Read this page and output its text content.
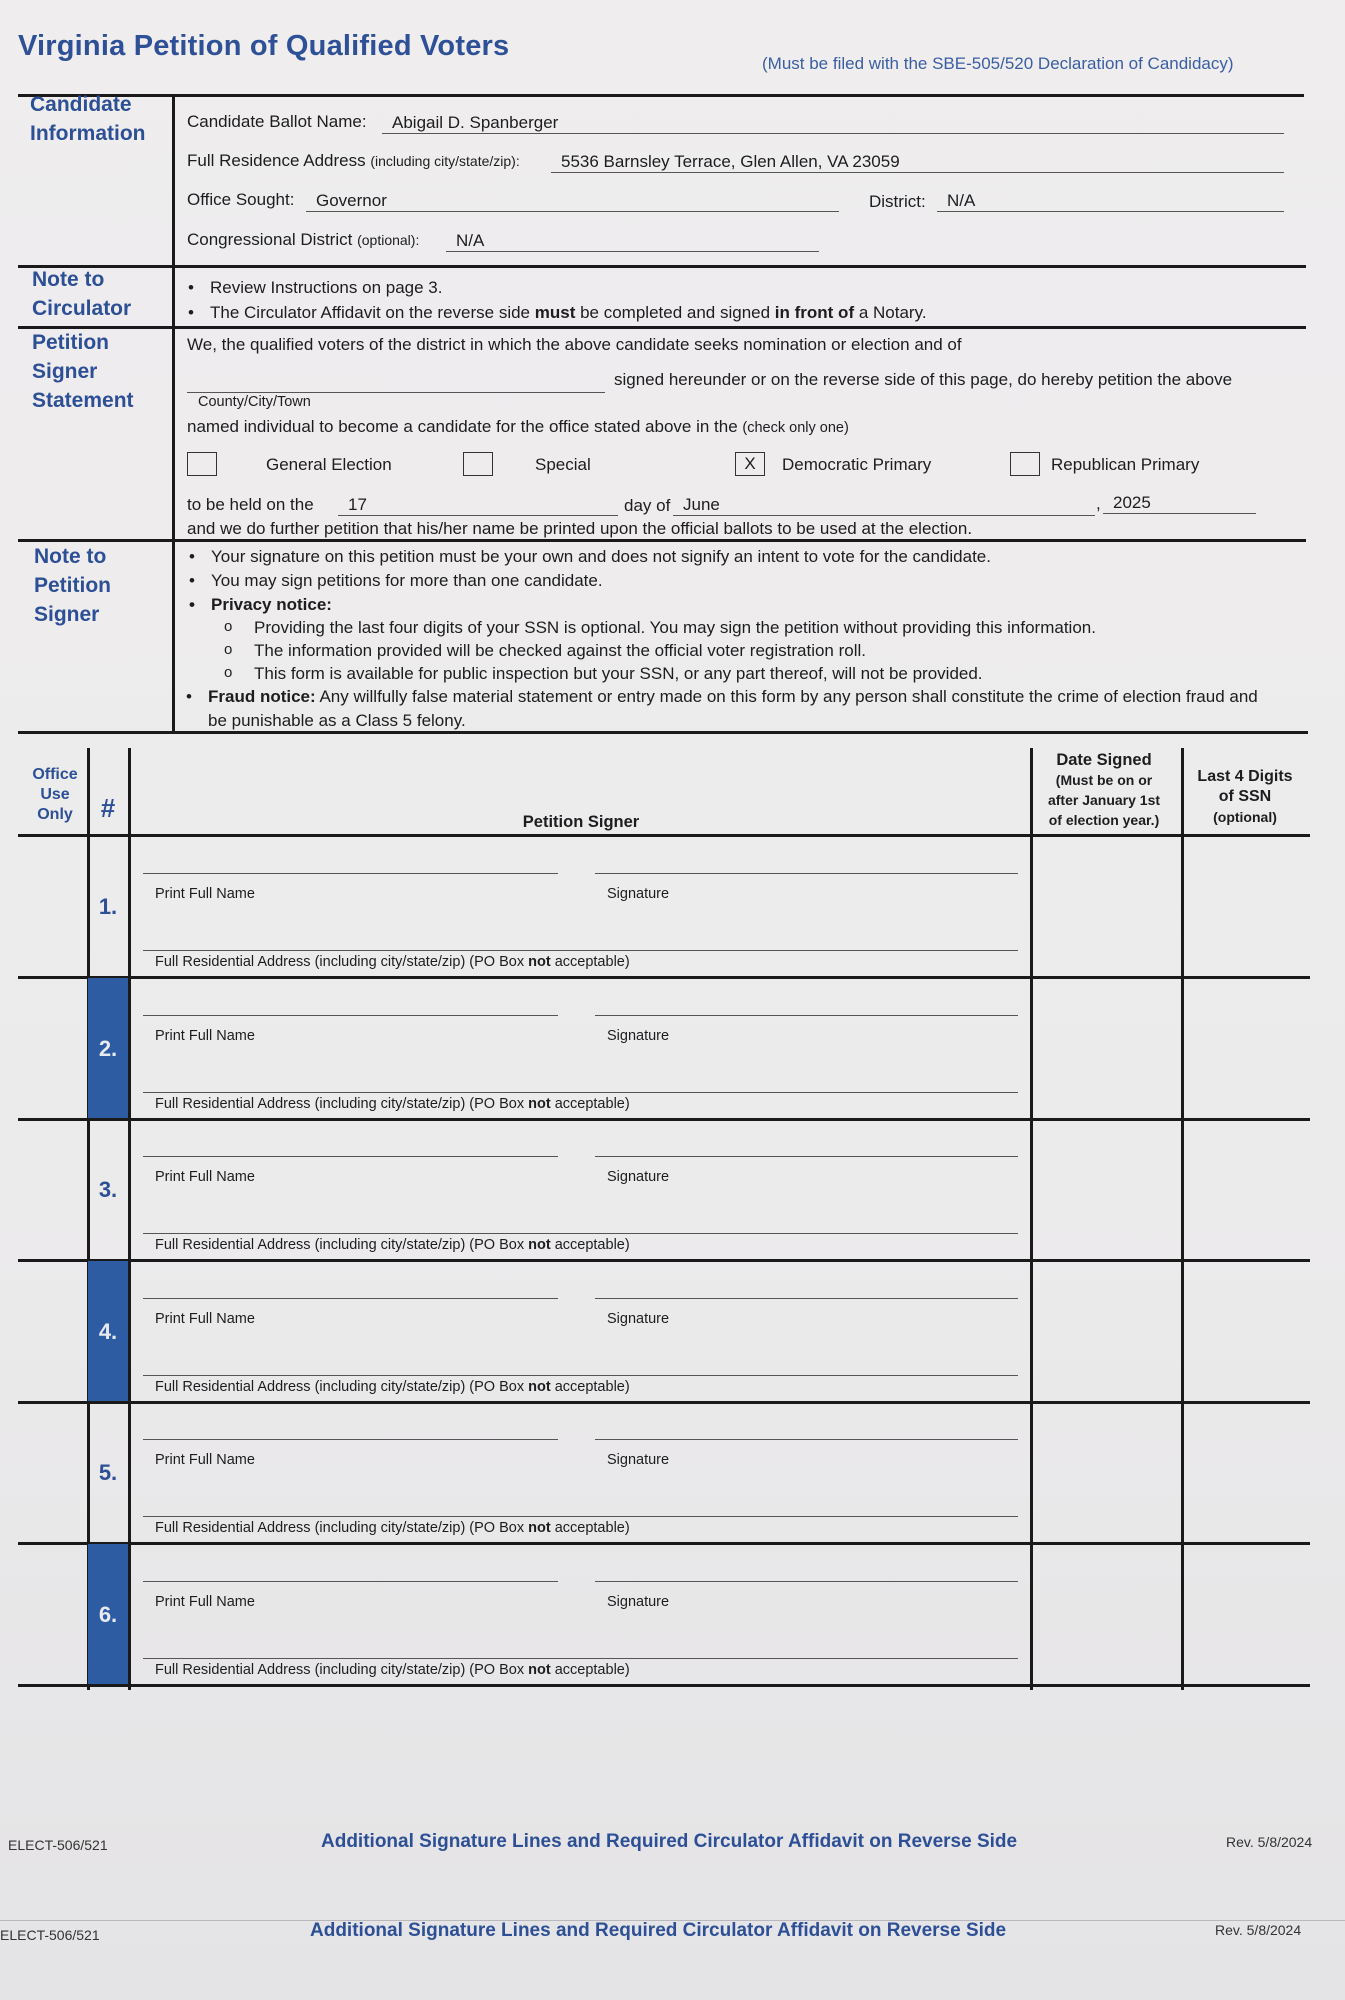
Virginia Petition of Qualified Voters
(Must be filed with the SBE-505/520 Declaration of Candidacy)
Candidate
Information
Candidate Ballot Name:	Abigail D. Spanberger
Full Residence Address (including city/state/zip):	5536 Barnsley Terrace, Glen Allen, VA 23059
Office Sought:	Governor	District:	N/A
Congressional District (optional):	N/A
Note to
Circulator
• Review Instructions on page 3.
• The Circulator Affidavit on the reverse side must be completed and signed in front of a Notary.
Petition
Signer
Statement
We, the qualified voters of the district in which the above candidate seeks nomination or election and of
signed hereunder or on the reverse side of this page, do hereby petition the above
County/City/Town
named individual to become a candidate for the office stated above in the (check only one)
General Election	Special	X	Democratic Primary	Republican Primary
to be held on the	17	day of June	, 2025
and we do further petition that his/her name be printed upon the official ballots to be used at the election.
Note to
Petition
Signer
• Your signature on this petition must be your own and does not signify an intent to vote for the candidate.
• You may sign petitions for more than one candidate.
• Privacy notice:
o Providing the last four digits of your SSN is optional. You may sign the petition without providing this information.
o The information provided will be checked against the official voter registration roll.
o This form is available for public inspection but your SSN, or any part thereof, will not be provided.
• Fraud notice: Any willfully false material statement or entry made on this form by any person shall constitute the crime of election fraud and
be punishable as a Class 5 felony.
Office
Use
Only	#	Petition Signer
Date Signed
(Must be on or
after January 1st
of election year.)
Last 4 Digits
of SSN
(optional)
1.	Print Full Name	Signature
Full Residential Address (including city/state/zip) (PO Box not acceptable)
2.	Print Full Name	Signature
Full Residential Address (including city/state/zip) (PO Box not acceptable)
3.	Print Full Name	Signature
Full Residential Address (including city/state/zip) (PO Box not acceptable)
4.	Print Full Name	Signature
Full Residential Address (including city/state/zip) (PO Box not acceptable)
5.	Print Full Name	Signature
Full Residential Address (including city/state/zip) (PO Box not acceptable)
6.	Print Full Name	Signature
Full Residential Address (including city/state/zip) (PO Box not acceptable)
ELECT-506/521	Additional Signature Lines and Required Circulator Affidavit on Reverse Side	Rev. 5/8/2024
ELECT-506/521	Additional Signature Lines and Required Circulator Affidavit on Reverse Side	Rev. 5/8/2024
